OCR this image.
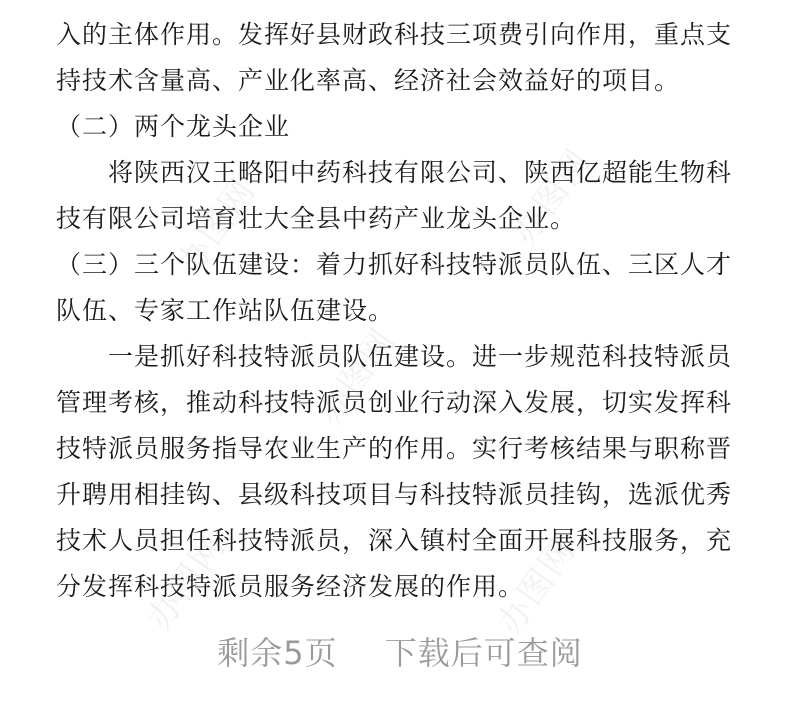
入的主体作用。发挥好县财政科技三项费引向作用，重点支
持技术含量高、产业化率高、经济社会效益好的项目。
（二）两个龙头企业
将陕西汉王略阳中药科技有限公司、陕西亿超能生物科
技有限公司培育壮大全县中药产业龙头企业。
（三）三个队伍建设：着力抓好科技特派员队伍、三区人才
队伍、专家工作站队伍建设。
一是抓好科技特派员队伍建设。进一步规范科技特派员
管理考核，推动科技特派员创业行动深入发展，切实发挥科
技特派员服务指导农业生产的作用。实行考核结果与职称晋
升聘用相挂钩、县级科技项目与科技特派员挂钩，选派优秀
技术人员担任科技特派员，深入镇村全面开展科技服务，充
分发挥科技特派员服务经济发展的作用。
办图网	办图网
办图网
办图网	办图网
剩余5页 下载后可查阅
